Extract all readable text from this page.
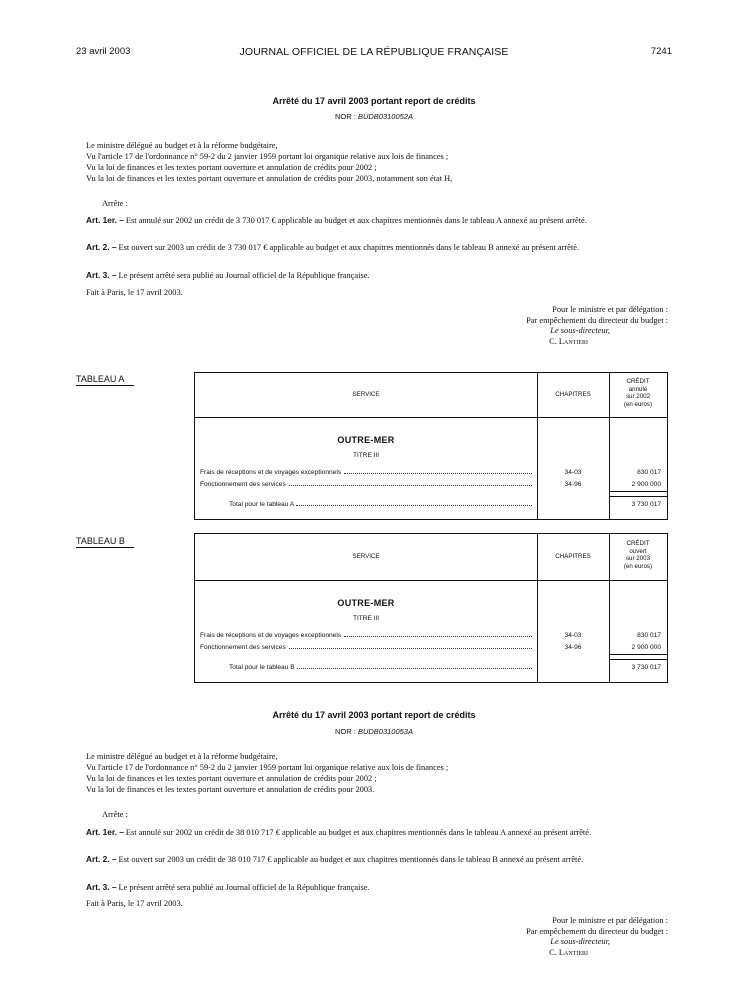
23 avril 2003	JOURNAL OFFICIEL DE LA RÉPUBLIQUE FRANÇAISE	7241
Arrêté du 17 avril 2003 portant report de crédits
NOR : BUDB0310052A
Le ministre délégué au budget et à la réforme budgétaire,
Vu l'article 17 de l'ordonnance n° 59-2 du 2 janvier 1959 portant loi organique relative aux lois de finances ;
Vu la loi de finances et les textes portant ouverture et annulation de crédits pour 2002 ;
Vu la loi de finances et les textes portant ouverture et annulation de crédits pour 2003, notamment son état H,
Arrête :
Art. 1er. – Est annulé sur 2002 un crédit de 3 730 017 € applicable au budget et aux chapitres mentionnés dans le tableau A annexé au présent arrêté.
Art. 2. – Est ouvert sur 2003 un crédit de 3 730 017 € applicable au budget et aux chapitres mentionnés dans le tableau B annexé au présent arrêté.
Art. 3. – Le présent arrêté sera publié au Journal officiel de la République française.
Fait à Paris, le 17 avril 2003.
Pour le ministre et par délégation :
Par empêchement du directeur du budget :
Le sous-directeur,
C. Lantieri
TABLEAU A
SERVICE	CHAPITRES
CRÉDIT
annulé
sur 2002
(en euros)
OUTRE-MER
TITRE III
Frais de réceptions et de voyages exceptionnels	34-03	830 017
Fonctionnement des services	34-96	2 900 000
Total pour le tableau A	3 730 017
TABLEAU B
SERVICE	CHAPITRES
CRÉDIT
ouvert
sur 2003
(en euros)
OUTRE-MER
TITRE III
Frais de réceptions et de voyages exceptionnels	34-03	830 017
Fonctionnement des services	34-96	2 900 000
Total pour le tableau B	3 730 017
Arrêté du 17 avril 2003 portant report de crédits
NOR : BUDB0310053A
Le ministre délégué au budget et à la réforme budgétaire,
Vu l'article 17 de l'ordonnance n° 59-2 du 2 janvier 1959 portant loi organique relative aux lois de finances ;
Vu la loi de finances et les textes portant ouverture et annulation de crédits pour 2002 ;
Vu la loi de finances et les textes portant ouverture et annulation de crédits pour 2003.
Arrête :
Art. 1er. – Est annulé sur 2002 un crédit de 38 010 717 € applicable au budget et aux chapitres mentionnés dans le tableau A annexé au présent arrêté.
Art. 2. – Est ouvert sur 2003 un crédit de 38 010 717 € applicable au budget et aux chapitres mentionnés dans le tableau B annexé au présent arrêté.
Art. 3. – Le présent arrêté sera publié au Journal officiel de la République française.
Fait à Paris, le 17 avril 2003.
Pour le ministre et par délégation :
Par empêchement du directeur du budget :
Le sous-directeur,
C. Lantieri
